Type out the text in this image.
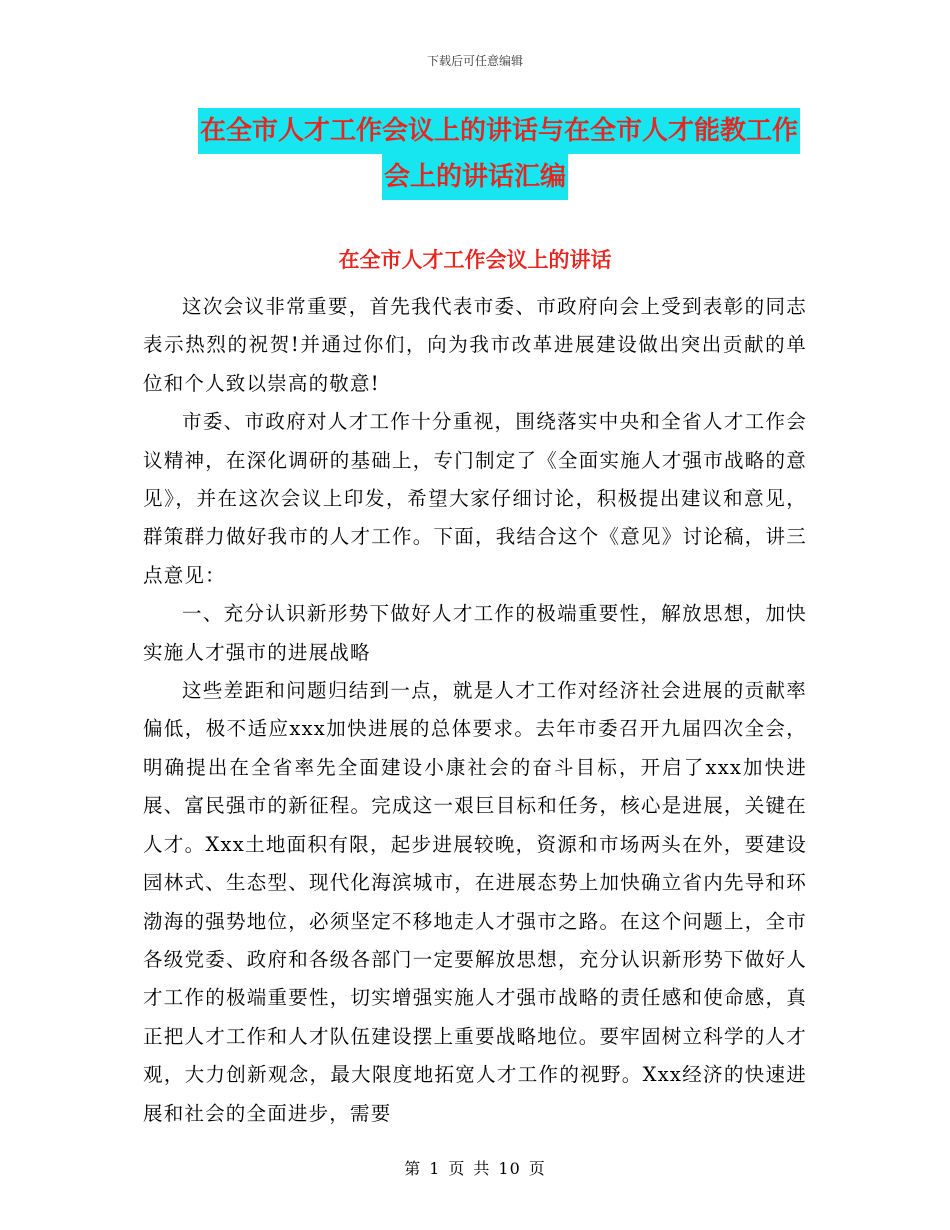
下载后可任意编辑
在全市人才工作会议上的讲话与在全市人才能教工作
会上的讲话汇编
在全市人才工作会议上的讲话

这次会议非常重要，首先我代表市委、市政府向会上受到表彰的同志表示热烈的祝贺!并通过你们，向为我市改革进展建设做出突出贡献的单位和个人致以崇高的敬意!

市委、市政府对人才工作十分重视，围绕落实中央和全省人才工作会议精神，在深化调研的基础上，专门制定了《全面实施人才强市战略的意见》，并在这次会议上印发，希望大家仔细讨论，积极提出建议和意见，群策群力做好我市的人才工作。下面，我结合这个《意见》讨论稿，讲三点意见：

一、充分认识新形势下做好人才工作的极端重要性，解放思想，加快实施人才强市的进展战略

这些差距和问题归结到一点，就是人才工作对经济社会进展的贡献率偏低，极不适应xxx加快进展的总体要求。去年市委召开九届四次全会，明确提出在全省率先全面建设小康社会的奋斗目标，开启了xxx加快进展、富民强市的新征程。完成这一艰巨目标和任务，核心是进展，关键在人才。Xxx土地面积有限，起步进展较晚，资源和市场两头在外，要建设园林式、生态型、现代化海滨城市，在进展态势上加快确立省内先导和环渤海的强势地位，必须坚定不移地走人才强市之路。在这个问题上，全市各级党委、政府和各级各部门一定要解放思想，充分认识新形势下做好人才工作的极端重要性，切实增强实施人才强市战略的责任感和使命感，真正把人才工作和人才队伍建设摆上重要战略地位。要牢固树立科学的人才观，大力创新观念，最大限度地拓宽人才工作的视野。Xxx经济的快速进展和社会的全面进步，需要

第 1 页 共 10 页
